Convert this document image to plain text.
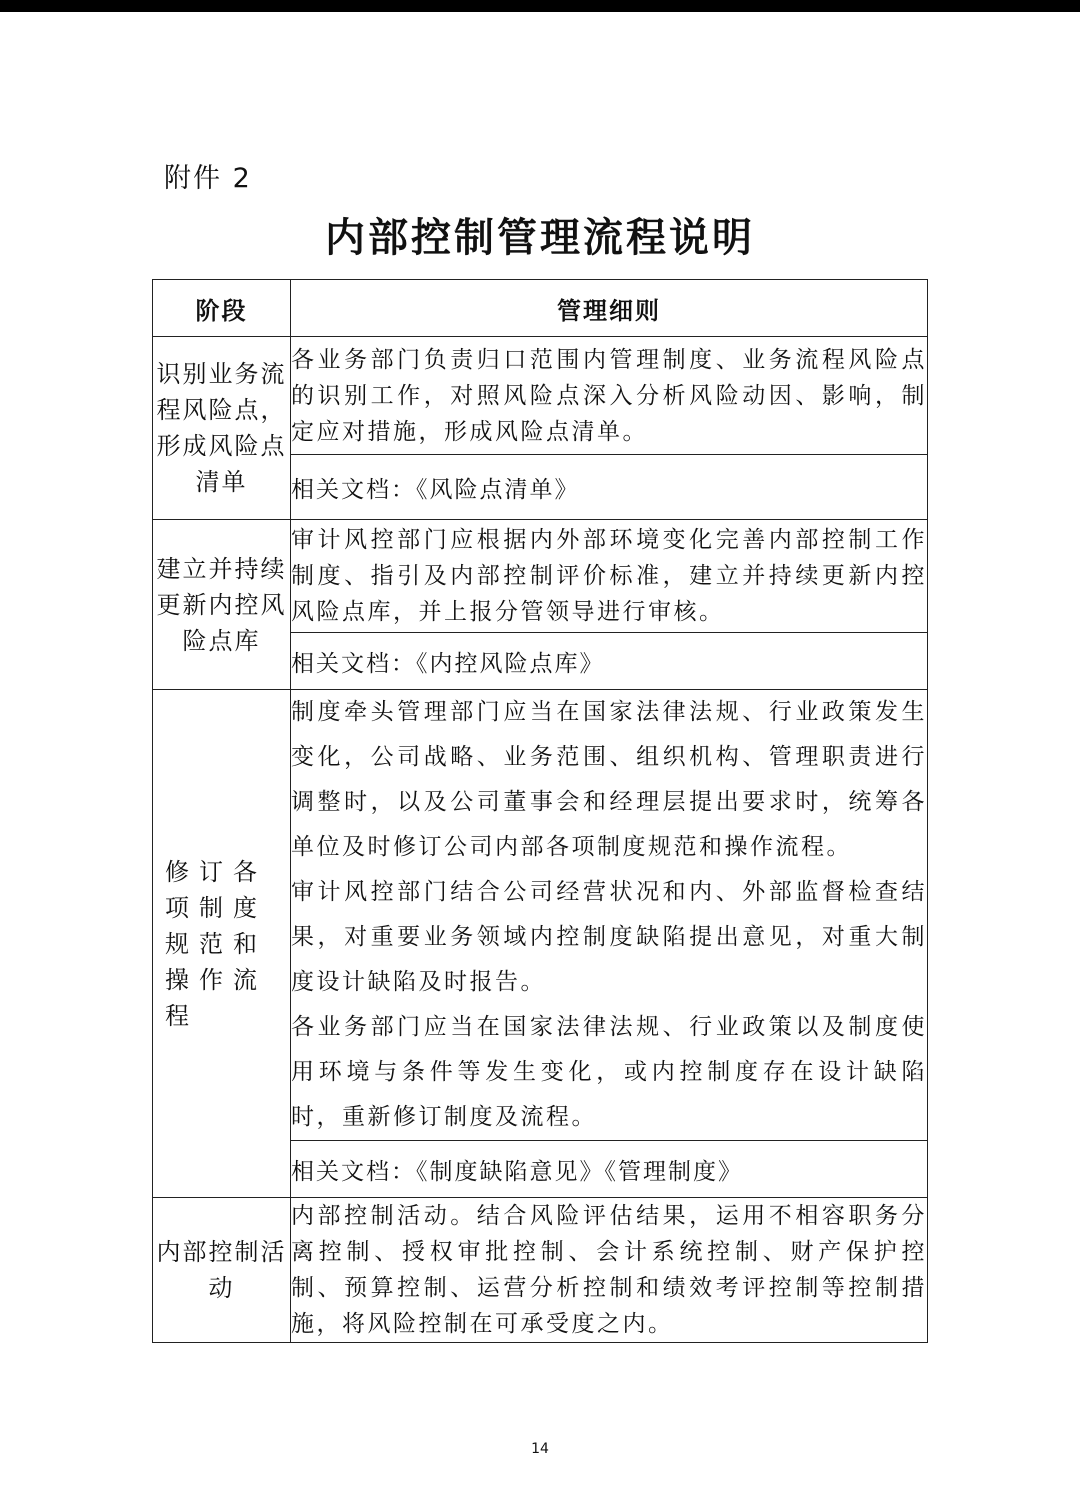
附件 2
内部控制管理流程说明
阶段	管理细则
识别业务流程风险点，形成风险点清单	各业务部门负责归口范围内管理制度、业务流程风险点的识别工作，对照风险点深入分析风险动因、影响，制定应对措施，形成风险点清单。

	相关文档：《风险点清单》
建立并持续更新内控风险点库	审计风控部门应根据内外部环境变化完善内部控制工作制度、指引及内部控制评价标准，建立并持续更新内控风险点库，并上报分管领导进行审核。

	相关文档：《内控风险点库》
修订各项制度规范和操作流程	制度牵头管理部门应当在国家法律法规、行业政策发生变化，公司战略、业务范围、组织机构、管理职责进行调整时，以及公司董事会和经理层提出要求时，统筹各单位及时修订公司内部各项制度规范和操作流程。

审计风控部门结合公司经营状况和内、外部监督检查结果，对重要业务领域内控制度缺陷提出意见，对重大制度设计缺陷及时报告。

各业务部门应当在国家法律法规、行业政策以及制度使用环境与条件等发生变化，或内控制度存在设计缺陷时，重新修订制度及流程。

	相关文档：《制度缺陷意见》《管理制度》
内部控制活动	内部控制活动。结合风险评估结果，运用不相容职务分离控制、授权审批控制、会计系统控制、财产保护控制、预算控制、运营分析控制和绩效考评控制等控制措施，将风险控制在可承受度之内。

14
